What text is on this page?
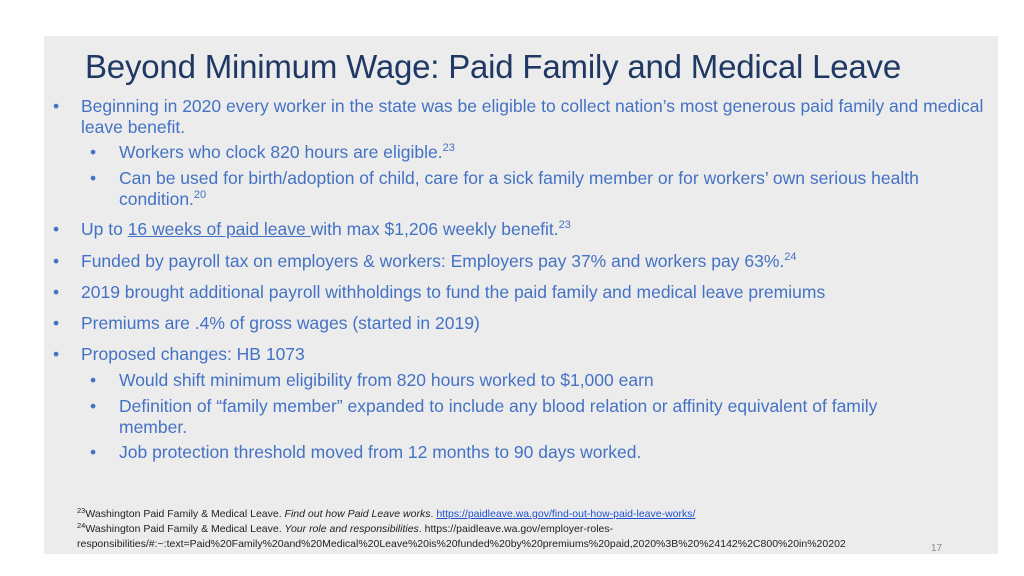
Beyond Minimum Wage: Paid Family and Medical Leave
• Beginning in 2020 every worker in the state was be eligible to collect nation’s most generous paid family and medical leave benefit.
• Workers who clock 820 hours are eligible.$^{23}$
• Can be used for birth/adoption of child, care for a sick family member or for workers’ own serious health condition.$^{20}$
• Up to 16 weeks of paid leave with max $1,206 weekly benefit.$^{23}$
• Funded by payroll tax on employers & workers: Employers pay 37% and workers pay 63%.$^{24}$
• 2019 brought additional payroll withholdings to fund the paid family and medical leave premiums
• Premiums are .4% of gross wages (started in 2019)
• Proposed changes: HB 1073
• Would shift minimum eligibility from 820 hours worked to $1,000 earn
• Definition of “family member” expanded to include any blood relation or affinity equivalent of family member.
• Job protection threshold moved from 12 months to 90 days worked.
$^{23}$Washington Paid Family & Medical Leave. Find out how Paid Leave works. https://paidleave.wa.gov/find-out-how-paid-leave-works/
$^{24}$Washington Paid Family & Medical Leave. Your role and responsibilities. https://paidleave.wa.gov/employer-roles-
responsibilities/#:~:text=Paid%20Family%20and%20Medical%20Leave%20is%20funded%20by%20premiums%20paid,2020%3B%20%24142%2C800%20in%20202	17
